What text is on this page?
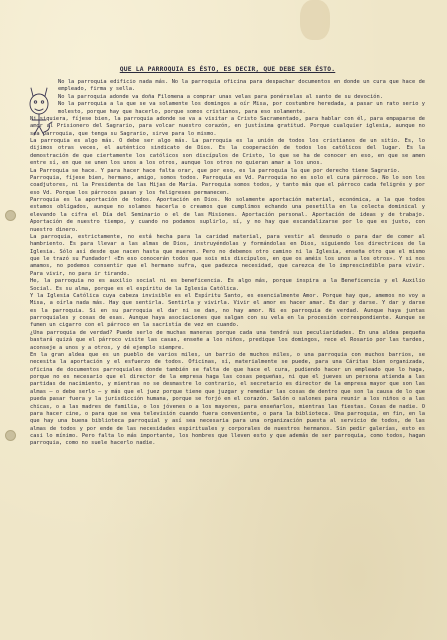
QUE LA PARROQUIA ES ÉSTO, ES DECIR, QUE DEBE SER ÉSTO.

No la parroquia edificio nada más. No la parroquia oficina para despachar documentos en donde un cura que hace de empleado, firma y sella.

No la parroquia adonde va doña Filomena a comprar unas velas para ponérselas al santo de su devoción.

No la parroquia a la que se va solamente los domingos a oír Misa, por costumbre heredada, a pasar un rato serio y molesto, porque hay que hacerlo, porque somos cristianos, para eso solamente.

Ni siquiera, fíjese bien, la parroquia adonde se va a visitar a Cristo Sacramentado, para hablar con él, para empaparse de amor al Prisionero del Sagrario, para volcar nuestro corazón, en justísima gratitud. Porque cualquier iglesia, aunque no sea parroquia, que tenga su Sagrario, sirve para lo mismo.

La parroquia es algo más. O debe ser algo más. La parroquia es la unión de todos los cristianos de un sitio. Es, lo dijimos otras veces, el auténtico sindicato de Dios. Es la cooperación de todos los católicos del lugar. Es la demostración de que ciertamente los católicos son discípulos de Cristo, lo que se ha de conocer en eso, en que se amen entre sí, en que se unen los unos a los otros, aunque los otros no quieran amar a los unos.

La Parroquia se hace. Y para hacer hace falta orar, que por eso, es la parroquia la que por derecho tiene Sagrario.

Parroquia, fíjese bien, hermano, amigo, somos todos. Parroquia es Vd. Parroquia no es solo el cura párroco. No lo son los coadjutores, ni la Presidenta de las Hijas de María. Parroquia somos todos, y tanto más que el párroco cada feligrés y por eso Vd. Porque los párrocos pasan y los feligreses permanecen.

Parroquia es la aportación de todos. Aportación en Dios. No solamente aportación material, económica, a la que todos estamos obligados, aunque no solamos hacerla o creamos que cumplimos echando una pesetilla en la colecta dominical y elevando la cifra el Día del Seminario o el de las Misiones. Aportación personal. Aportación de ideas y de trabajo. Aportación de nuestro tiempo, y cuando no podamos suplirlo, sí, y no hay que escandalizarse por lo que es justo, con nuestro dinero.

La parroquia, estrictamente, no está hecha para la caridad material, para vestir al desnudo o para dar de comer al hambriento. Es para llevar a las almas de Dios, instruyéndolas y formándolas en Dios, siguiendo los directrices de la Iglesia. Sólo así desde que nacen hasta que mueren. Pero no debemos otro camino ni la Iglesia, enseña otro que el mismo que le trazó su Fundador! «En eso conocerán todos que sois mis discípulos, en que os améis los unos a los otros». Y si nos amamos, no podemos consentir que el hermano sufra, que padezca necesidad, que carezca de lo imprescindible para vivir. Para vivir, no para ir tirando.

He, la parroquia no es auxilio social ni es beneficencia. Es algo más, porque inspira a la Beneficencia y el Auxilio Social. Es su alma, porque es el espíritu de la Iglesia Católica.

Y la Iglesia Católica cuya cabeza invisible es el Espíritu Santo, es esencialmente Amor. Porque hay que, amemos no voy a Misa, a oírla nada más. Hay que sentirla. Sentirla y vivirla. Vivir el amor es hacer amar. Es dar y darse. Y dar y darse es la parroquia. Si en su parroquia el dar ni se dan, no hay amor. Ni es parroquia de verdad. Aunque haya juntas parroquiales y cosas de esas. Aunque haya asociaciones que salgan con su vela en la procesión correspondiente. Aunque se fumen un cigarro con el párroco en la sacristía de vez en cuando.

¿Una parroquia de verdad? Puede serlo de muchas maneras porque cada una tendrá sus peculiaridades. En una aldea pequeña bastará quizá que el párroco visite las casas, enseñe a los niños, predique los domingos, rece el Rosario por las tardes, aconseje a unos y a otros, y dé ejemplo siempre.

En la gran aldea que es un pueblo de varios miles, un barrio de muchos miles, o una parroquia con muchos barrios, se necesita la aportación y el esfuerzo de todos. Oficinas, sí, materialmente se puede, para una Cáritas bien organizada, oficina de documentos parroquiales donde también se falta de que hace el cura, pudiendo hacer un empleado que lo haga, porque no es necesario que el director de la empresa haga las cosas pequeñas, ni que el jueves un persona atienda a las partidas de nacimiento, y mientras no se desmastre lo contrario, el secretario es director de la empresa mayor que son las almas — o debe serlo — y más que el juez porque tiene que juzgar y remediar las cosas de dentro que son la causa de lo que pueda pasar fuera y la jurisdicción humana, porque se forjó en el corazón. Salón o salones para reunir a los niños o a las chicas, o a las madres de familia, o los jóvenes o a los mayores, para enseñarlos, mientras las fiestas. Cosas de nadie. O para hacer cine, o para que se vea televisión cuando fuera conveniente, o para la biblioteca. Una parroquia, en fin, en la que hay una buena biblioteca parroquial y así sea necesaria para una organización puesta al servicio de todos, de las almas de todos y por ende de las necesidades espirituales y corporales de nuestros hermanos. Sin pedir galerías, esto es casi lo mínimo. Pero falta lo más importante, los hombres que lleven esto y que además de ser parroquia, como todos, hagan parroquia, como no suele hacerlo nadie.
